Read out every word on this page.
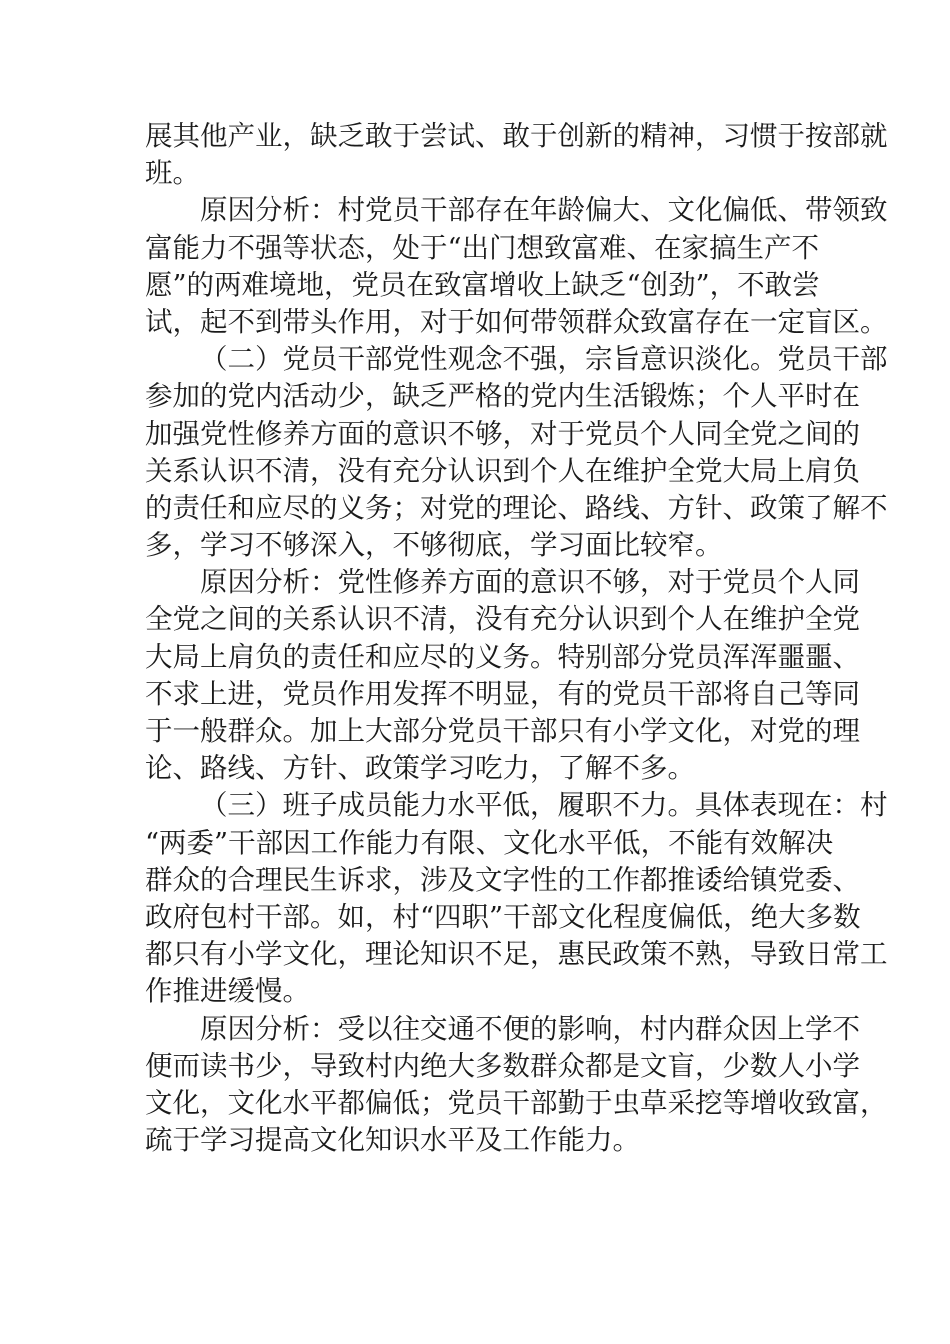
展其他产业，缺乏敢于尝试、敢于创新的精神，习惯于按部就
班。
原因分析：村党员干部存在年龄偏大、文化偏低、带领致
富能力不强等状态，处于“出门想致富难、在家搞生产不
愿”的两难境地，党员在致富增收上缺乏“创劲”，不敢尝
试，起不到带头作用，对于如何带领群众致富存在一定盲区。
（二）党员干部党性观念不强，宗旨意识淡化。党员干部
参加的党内活动少，缺乏严格的党内生活锻炼；个人平时在
加强党性修养方面的意识不够，对于党员个人同全党之间的
关系认识不清，没有充分认识到个人在维护全党大局上肩负
的责任和应尽的义务；对党的理论、路线、方针、政策了解不
多，学习不够深入，不够彻底，学习面比较窄。
原因分析：党性修养方面的意识不够，对于党员个人同
全党之间的关系认识不清，没有充分认识到个人在维护全党
大局上肩负的责任和应尽的义务。特别部分党员浑浑噩噩、
不求上进，党员作用发挥不明显，有的党员干部将自己等同
于一般群众。加上大部分党员干部只有小学文化，对党的理
论、路线、方针、政策学习吃力，了解不多。
（三）班子成员能力水平低，履职不力。具体表现在：村
“两委”干部因工作能力有限、文化水平低，不能有效解决
群众的合理民生诉求，涉及文字性的工作都推诿给镇党委、
政府包村干部。如，村“四职”干部文化程度偏低，绝大多数
都只有小学文化，理论知识不足，惠民政策不熟，导致日常工
作推进缓慢。
原因分析：受以往交通不便的影响，村内群众因上学不
便而读书少，导致村内绝大多数群众都是文盲，少数人小学
文化，文化水平都偏低；党员干部勤于虫草采挖等增收致富，
疏于学习提高文化知识水平及工作能力。
